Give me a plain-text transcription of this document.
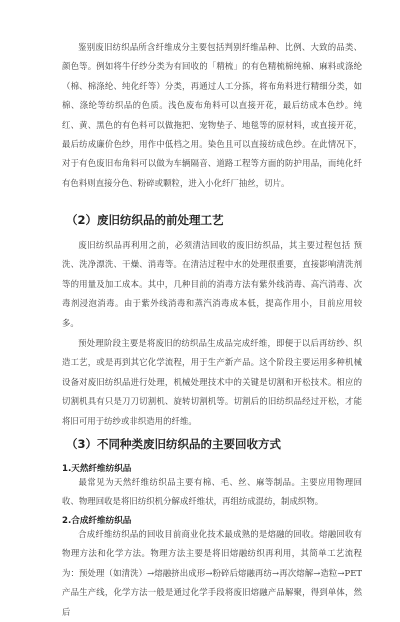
鉴别废旧纺织品所含纤维成分主要包括判别纤维品种、比例、大致的品类、颜色等。例如将牛仔纱分类为有回收的「精梳」的有色精梳棉纯棉、麻料或涤纶（棉、棉涤纶、纯化纤等）分类，再通过人工分拣，将布角料进行精细分类，如棉、涤纶等纺织品的色质。浅色废布角料可以直接开花，最后纺成本色纱。纯红、黄、黑色的有色料可以做拖把、宠物垫子、地毯等的原材料，或直接开花，最后纺成廉价色纱，用作中低档之用。染色且可以直接纺成色纱。在此情况下，对于有色废旧布角料可以做为车辆隔音、道路工程等方面的防护用品，而纯化纤有色料则直接分色、粉碎或颗粒，进入小化纤厂抽丝，切片。
（2）废旧纺织品的前处理工艺
废旧纺织品再利用之前，必须清洁回收的废旧纺织品，其主要过程包括 预洗、洗净漂洗、干燥、消毒等。在清洁过程中水的处理很重要，直接影响清洗剂等的用量及加工成本。其中，几种目前的消毒方法有紫外线消毒、高汽消毒、次毒剂浸泡消毒。由于紫外线消毒和蒸汽消毒成本低，提高作用小，目前应用较多。
预处理阶段主要是将废旧的纺织品生成品完成纤维，即便于以后再纺纱、织造工艺，或是再到其它化学流程，用于生产新产品。这个阶段主要运用多种机械设备对废旧纺织品进行处理，机械处理技术中的关键是切割和开松技术。相应的切割机具有只是刀刀切割机、旋转切割机等。切割后的旧纺织品经过开松，才能将旧可用于纺纱或非织造用的纤维。
（3）不同种类废旧纺织品的主要回收方式
1.天然纤维纺织品
最常见为天然纤维纺织品主要有棉、毛、丝、麻等制品。主要应用物理回收、物理回收是将旧纺织机分解成纤维状，再组纺成混纺，制成织物。
2.合成纤维纺织品
合成纤维纺织品的回收目前商业化技术最成熟的是熔融的回收。熔融回收有物理方法和化学方法。物理方法主要是将旧熔融纺织再利用，其简单工艺流程为：预处理（如清洗）→熔融挤出成形→粉碎后熔融再纺→再次熔解→造粒→PET 产品生产线，化学方法一般是通过化学手段将废旧熔融产品解聚，得到单体，然后
